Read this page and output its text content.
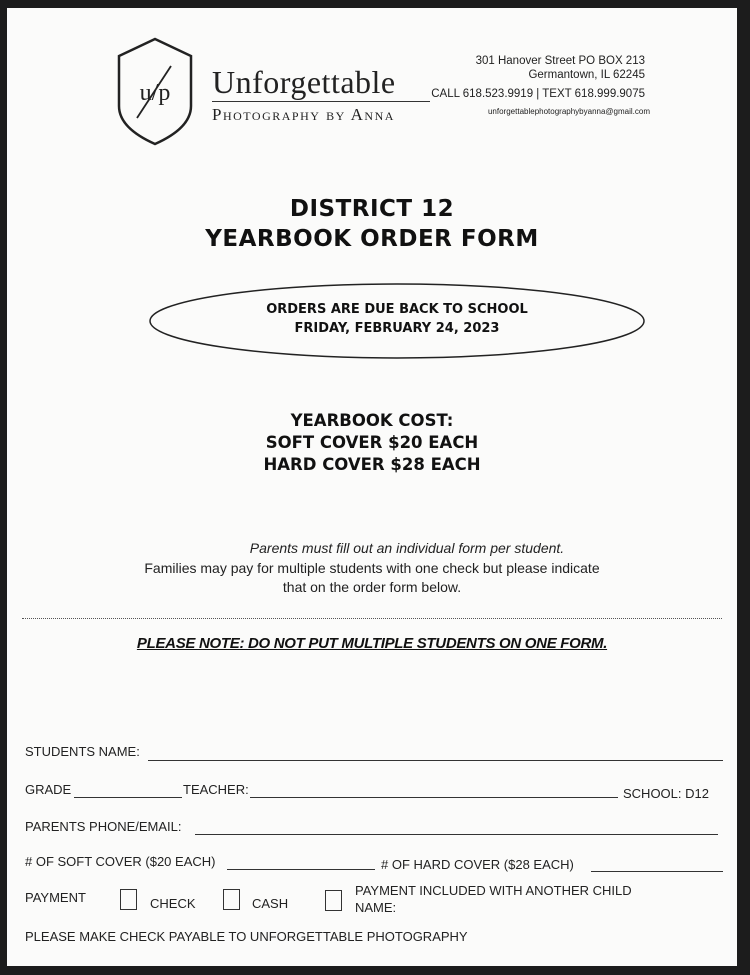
u/p Unforgettable
Photography by Anna
301 Hanover Street PO BOX 213
Germantown, IL 62245
CALL 618.523.9919 | TEXT 618.999.9075
unforgettablephotographybyanna@gmail.com
DISTRICT 12
YEARBOOK ORDER FORM
ORDERS ARE DUE BACK TO SCHOOL
FRIDAY, FEBRUARY 24, 2023
YEARBOOK COST:
SOFT COVER $20 EACH
HARD COVER $28 EACH
Parents must fill out an individual form per student.
Families may pay for multiple students with one check but please indicate
that on the order form below.
PLEASE NOTE: DO NOT PUT MULTIPLE STUDENTS ON ONE FORM.
STUDENTS NAME:
GRADE	TEACHER:	SCHOOL: D12
PARENTS PHONE/EMAIL:
# OF SOFT COVER ($20 EACH)	# OF HARD COVER ($28 EACH)
PAYMENT	CHECK	CASH
PAYMENT INCLUDED WITH ANOTHER CHILD
NAME:
PLEASE MAKE CHECK PAYABLE TO UNFORGETTABLE PHOTOGRAPHY
